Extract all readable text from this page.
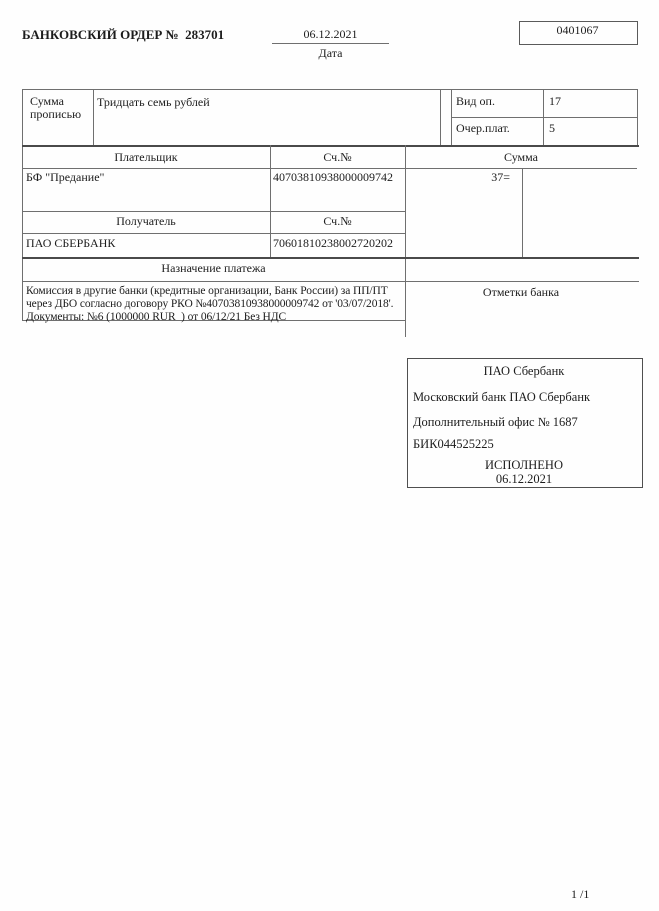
БАНКОВСКИЙ ОРДЕР №  283701	06.12.2021
Дата
0401067
Сумма прописью
Тридцать семь рублей	Вид оп.	17
Очер.плат.	5
Плательщик	Сч.№	Сумма
БФ "Предание"	40703810938000009742	37=
Получатель	Сч.№
ПАО СБЕРБАНК	70601810238002720202
Назначение платежа
Комиссия в другие банки (кредитные организации, Банк России) за ПП/ПТ
через ДБО согласно договору РКО №40703810938000009742 от '03/07/2018'.
Документы: №6 (1000000 RUR  ) от 06/12/21 Без НДС
Отметки банка
ПАО Сбербанк
Московский банк ПАО Сбербанк
Дополнительный офис № 1687
БИК044525225
ИСПОЛНЕНО
06.12.2021
1 /1
